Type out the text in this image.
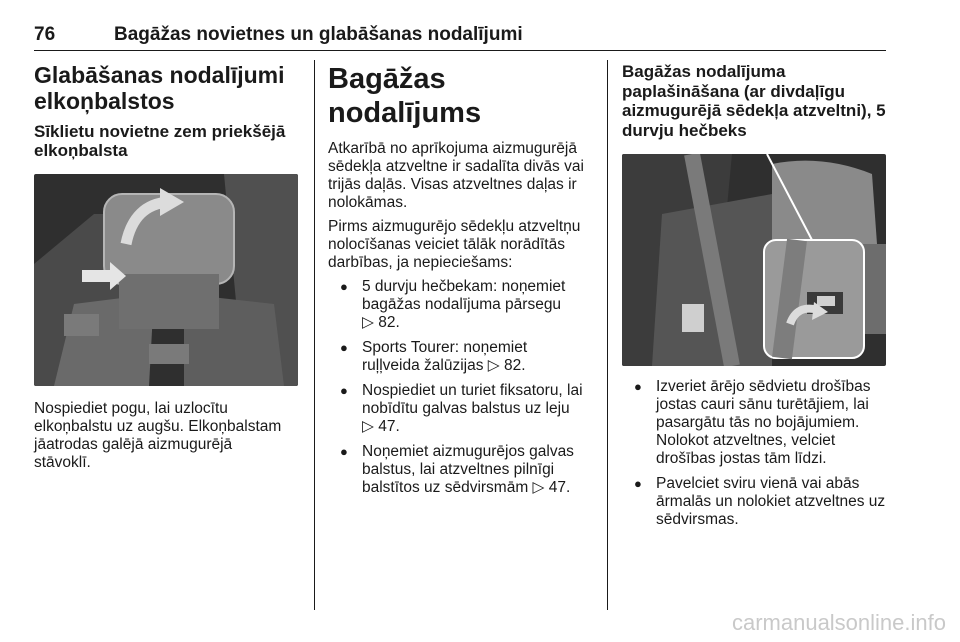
76	Bagāžas novietnes un glabāšanas nodalījumi
Glabāšanas nodalījumi
elkoņbalstos
Sīklietu novietne zem priekšējā
elkoņbalsta

Nospiediet pogu, lai uzlocītu
elkoņbalstu uz augšu. Elkoņbalstam
jāatrodas galējā aizmugurējā
stāvoklī.

Bagāžas nodalījums

Atkarībā no aprīkojuma aizmugurējā
sēdekļa atzveltne ir sadalīta divās vai
trijās daļās. Visas atzveltnes daļas ir
nolokāmas.

Pirms aizmugurējo sēdekļu atzveltņu
nolocīšanas veiciet tālāk norādītās
darbības, ja nepieciešams:

● 5 durvju hečbekam: noņemiet
bagāžas nodalījuma pārsegu
▷ 82.
● Sports Tourer: noņemiet
ruļļveida žalūzijas ▷ 82.
● Nospiediet un turiet fiksatoru, lai
nobīdītu galvas balstus uz leju
▷ 47.
● Noņemiet aizmugurējos galvas
balstus, lai atzveltnes pilnīgi
balstītos uz sēdvirsmām ▷ 47.
Bagāžas nodalījuma
paplašināšana (ar divdaļīgu
aizmugurējā sēdekļa atzveltni), 5
durvju hečbeks
● Izveriet ārējo sēdvietu drošības
jostas cauri sānu turētājiem, lai
pasargātu tās no bojājumiem.
Nolokot atzveltnes, velciet
drošības jostas tām līdzi.
● Pavelciet sviru vienā vai abās
ārmalās un nolokiet atzveltnes uz
sēdvirsmas.
carmanualsonline.info
